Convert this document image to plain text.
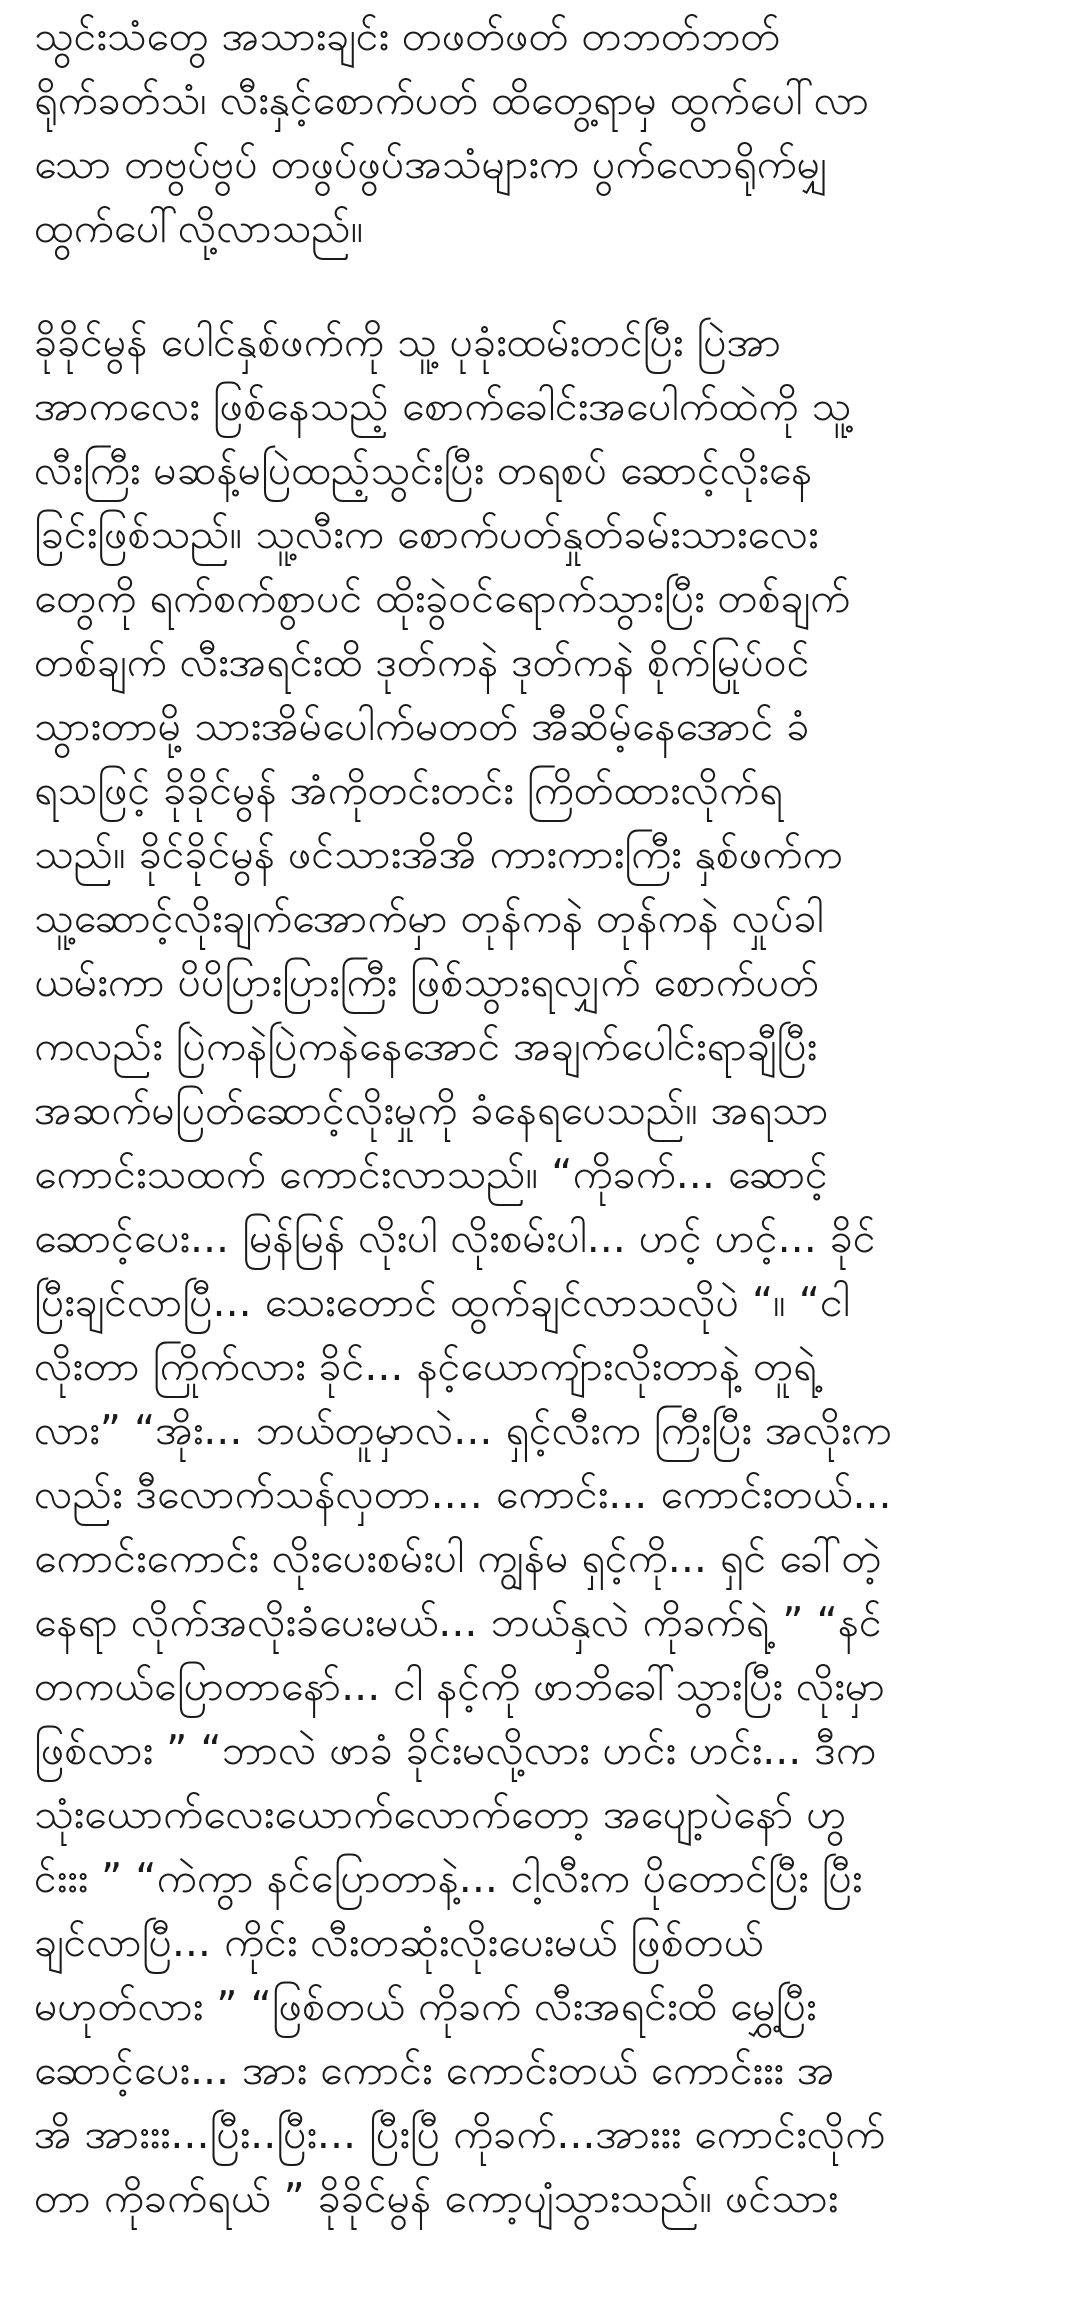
သွင်းသံတွေ အသားချင်း တဖတ်ဖတ် တဘတ်ဘတ်
ရိုက်ခတ်သံ၊ လီးနှင့်စောက်ပတ် ထိတွေ့ရာမှ ထွက်ပေါ်လာ
သော တဗွပ်ဗွပ် တဖွပ်ဖွပ်အသံများက ပွက်လောရိုက်မျှ
ထွက်ပေါ်လို့လာသည်။

ခိုခိုင်မွန် ပေါင်နှစ်ဖက်ကို သူ့ ပုခုံးထမ်းတင်ပြီး ပြဲအာ
အာကလေး ဖြစ်နေသည့် စောက်ခေါင်းအပေါက်ထဲကို သူ့
လီးကြီး မဆန့်မပြဲထည့်သွင်းပြီး တရစပ် ဆောင့်လိုးနေ
ခြင်းဖြစ်သည်။ သူ့လီးက စောက်ပတ်နှုတ်ခမ်းသားလေး
တွေကို ရက်စက်စွာပင် ထိုးခွဲဝင်ရောက်သွားပြီး တစ်ချက်
တစ်ချက် လီးအရင်းထိ ဒုတ်ကနဲ ဒုတ်ကနဲ စိုက်မြုပ်ဝင်
သွားတာမို့ သားအိမ်ပေါက်မတတ် အီဆိမ့်နေအောင် ခံ
ရသဖြင့် ခိုခိုင်မွန် အံကိုတင်းတင်း ကြိတ်ထားလိုက်ရ
သည်။ ခိုင်ခိုင်မွန် ဖင်သားအိအိ ကားကားကြီး နှစ်ဖက်က
သူ့ဆောင့်လိုးချက်အောက်မှာ တုန်ကနဲ တုန်ကနဲ လှုပ်ခါ
ယမ်းကာ ပိပိပြားပြားကြီး ဖြစ်သွားရလျှက် စောက်ပတ်
ကလည်း ပြဲကနဲပြဲကနဲနေအောင် အချက်ပေါင်းရာချီပြီး
အဆက်မပြတ်ဆောင့်လိုးမှုကို ခံနေရပေသည်။ အရသာ
ကောင်းသထက် ကောင်းလာသည်။ “ကိုခက်... ဆောင့်
ဆောင့်ပေး... မြန်မြန် လိုးပါ လိုးစမ်းပါ... ဟင့် ဟင့်... ခိုင်
ပြီးချင်လာပြီ... သေးတောင် ထွက်ချင်လာသလိုပဲ “။ “ငါ
လိုးတာ ကြိုက်လား ခိုင်... နင့်ယောကျ်ားလိုးတာနဲ့ တူရဲ့
လား” “အိုး... ဘယ်တူမှာလဲ... ရှင့်လီးက ကြီးပြီး အလိုးက
လည်း ဒီလောက်သန်လှတာ.... ကောင်း... ကောင်းတယ်...
ကောင်းကောင်း လိုးပေးစမ်းပါ ကျွန်မ ရှင့်ကို... ရှင် ခေါ်တဲ့
နေရာ လိုက်အလိုးခံပေးမယ်... ဘယ်နှလဲ ကိုခက်ရဲ့ ” “နင်
တကယ်ပြောတာနော်... ငါ နင့်ကို ဖာဘိခေါ်သွားပြီး လိုးမှာ
ဖြစ်လား ” “ဘာလဲ ဖာခံ ခိုင်းမလို့လား ဟင်း ဟင်း... ဒီက
သုံးယောက်လေးယောက်လောက်တော့ အပျော့ပဲနော် ဟွ
င်းးး ” “ကဲကွာ နင်ပြောတာနဲ့... ငါ့လီးက ပိုတောင်ပြီး ပြီး
ချင်လာပြီ... ကိုင်း လီးတဆုံးလိုးပေးမယ် ဖြစ်တယ်
မဟုတ်လား ” “ဖြစ်တယ် ကိုခက် လီးအရင်းထိ မွှေ့ပြီး
ဆောင့်ပေး... အား ကောင်း ကောင်းတယ် ကောင်းးး အ
အိ အားးး...ပြီး..ပြီး... ပြီးပြီ ကိုခက်...အားးး ကောင်းလိုက်
တာ ကိုခက်ရယ် ” ခိုခိုင်မွန် ကော့ပျံသွားသည်။ ဖင်သား
